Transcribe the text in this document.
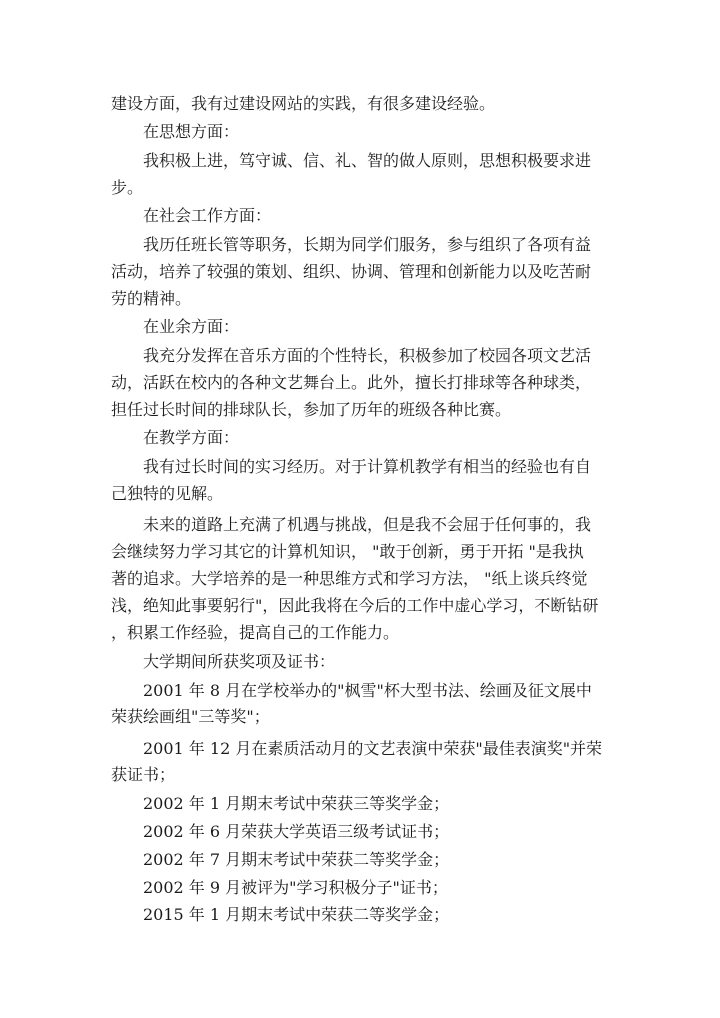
建设方面，我有过建设网站的实践，有很多建设经验。
在思想方面：
我积极上进，笃守诚、信、礼、智的做人原则，思想积极要求进
步。
在社会工作方面：
我历任班长管等职务，长期为同学们服务，参与组织了各项有益
活动，培养了较强的策划、组织、协调、管理和创新能力以及吃苦耐
劳的精神。
在业余方面：
我充分发挥在音乐方面的个性特长，积极参加了校园各项文艺活
动，活跃在校内的各种文艺舞台上。此外，擅长打排球等各种球类，
担任过长时间的排球队长，参加了历年的班级各种比赛。
在教学方面：
我有过长时间的实习经历。对于计算机教学有相当的经验也有自
己独特的见解。
未来的道路上充满了机遇与挑战，但是我不会屈于任何事的，我
会继续努力学习其它的计算机知识， "敢于创新，勇于开拓 "是我执
著的追求。大学培养的是一种思维方式和学习方法， "纸上谈兵终觉
浅，绝知此事要躬行"，因此我将在今后的工作中虚心学习，不断钻研
，积累工作经验，提高自己的工作能力。
大学期间所获奖项及证书：
2001 年 8 月在学校举办的"枫雪"杯大型书法、绘画及征文展中
荣获绘画组"三等奖"；
2001 年 12 月在素质活动月的文艺表演中荣获"最佳表演奖"并荣
获证书；
2002 年 1 月期末考试中荣获三等奖学金；
2002 年 6 月荣获大学英语三级考试证书；
2002 年 7 月期末考试中荣获二等奖学金；
2002 年 9 月被评为"学习积极分子"证书；
2015 年 1 月期末考试中荣获二等奖学金；
